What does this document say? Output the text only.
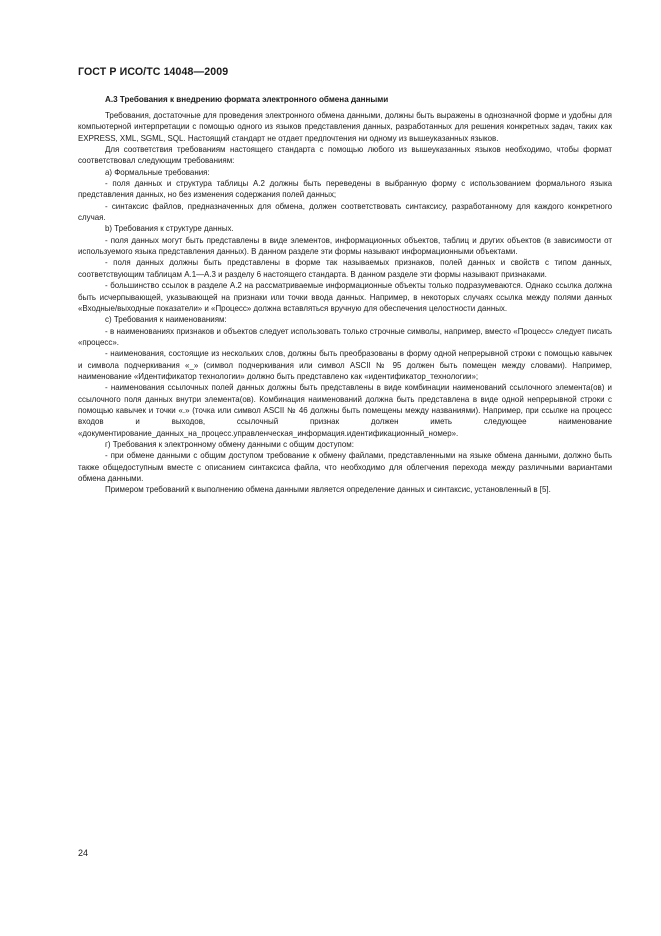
ГОСТ Р ИСО/ТС 14048—2009
А.3 Требования к внедрению формата электронного обмена данными

Требования, достаточные для проведения электронного обмена данными, должны быть выражены в однозначной форме и удобны для компьютерной интерпретации с помощью одного из языков представления данных, разработанных для решения конкретных задач, таких как EXPRESS, XML, SGML, SQL. Настоящий стандарт не отдает предпочтения ни одному из вышеуказанных языков.

Для соответствия требованиям настоящего стандарта с помощью любого из вышеуказанных языков необходимо, чтобы формат соответствовал следующим требованиям:

а) Формальные требования:

- поля данных и структура таблицы А.2 должны быть переведены в выбранную форму с использованием формального языка представления данных, но без изменения содержания полей данных;

- синтаксис файлов, предназначенных для обмена, должен соответствовать синтаксису, разработанному для каждого конкретного случая.

b) Требования к структуре данных.

- поля данных могут быть представлены в виде элементов, информационных объектов, таблиц и других объектов (в зависимости от используемого языка представления данных). В данном разделе эти формы называют информационными объектами.

- поля данных должны быть представлены в форме так называемых признаков, полей данных и свойств с типом данных, соответствующим таблицам А.1—А.3 и разделу 6 настоящего стандарта. В данном разделе эти формы называют признаками.

- большинство ссылок в разделе А.2 на рассматриваемые информационные объекты только подразумеваются. Однако ссылка должна быть исчерпывающей, указывающей на признаки или точки ввода данных. Например, в некоторых случаях ссылка между полями данных «Входные/выходные показатели» и «Процесс» должна вставляться вручную для обеспечения целостности данных.

c) Требования к наименованиям:

- в наименованиях признаков и объектов следует использовать только строчные символы, например, вместо «Процесс» следует писать «процесс».

- наименования, состоящие из нескольких слов, должны быть преобразованы в форму одной непрерывной строки с помощью кавычек и символа подчеркивания «_» (символ подчеркивания или символ ASCII № 95 должен быть помещен между словами). Например, наименование «Идентификатор технологии» должно быть представлено как «идентификатор_технологии»;

- наименования ссылочных полей данных должны быть представлены в виде комбинации наименований ссылочного элемента(ов) и ссылочного поля данных внутри элемента(ов). Комбинация наименований должна быть представлена в виде одной непрерывной строки с помощью кавычек и точки «.» (точка или символ ASCII № 46 должны быть помещены между названиями). Например, при ссылке на процесс входов и выходов, ссылочный признак должен иметь следующее наименование «документирование_данных_на_процесс.управленческая_информация.идентификационный_номер».

г) Требования к электронному обмену данными с общим доступом:

- при обмене данными с общим доступом требование к обмену файлами, представленными на языке обмена данными, должно быть также общедоступным вместе с описанием синтаксиса файла, что необходимо для облегчения перехода между различными вариантами обмена данными.

Примером требований к выполнению обмена данными является определение данных и синтаксис, установленный в [5].

24
